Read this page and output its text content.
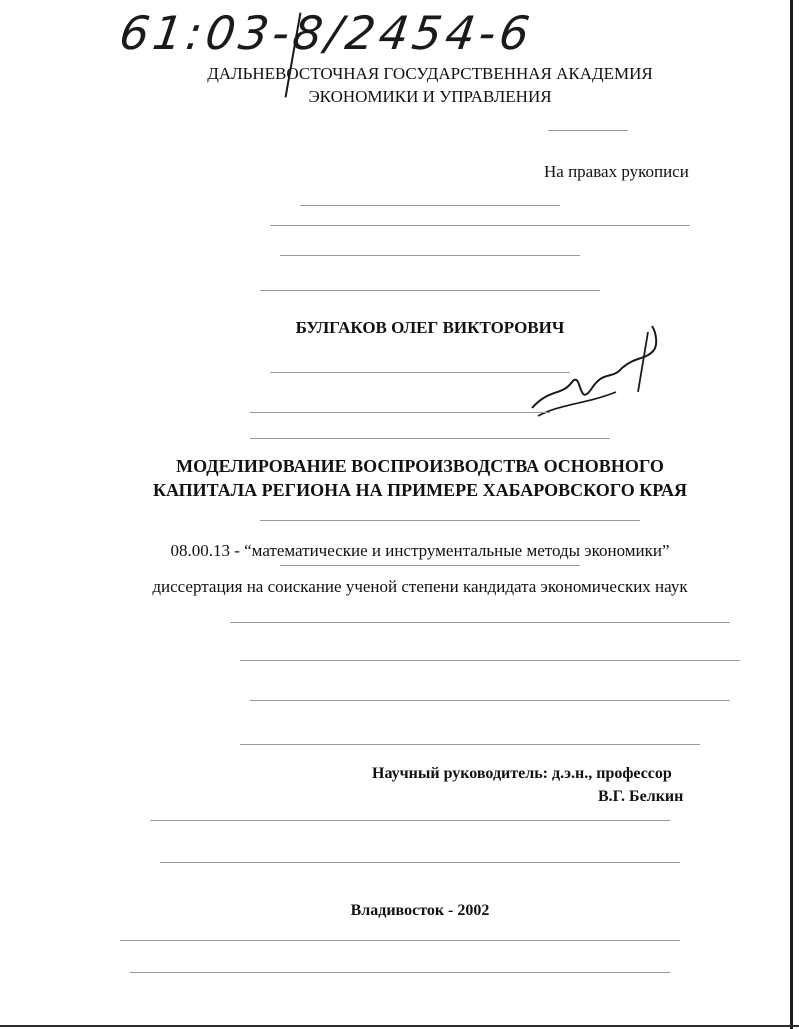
61:03-8/2454-6
ДАЛЬНЕВОСТОЧНАЯ ГОСУДАРСТВЕННАЯ АКАДЕМИЯ
ЭКОНОМИКИ И УПРАВЛЕНИЯ
На правах рукописи
БУЛГАКОВ ОЛЕГ ВИКТОРОВИЧ
МОДЕЛИРОВАНИЕ ВОСПРОИЗВОДСТВА ОСНОВНОГО
КАПИТАЛА РЕГИОНА НА ПРИМЕРЕ ХАБАРОВСКОГО КРАЯ
08.00.13 - “математические и инструментальные методы экономики”
диссертация на соискание ученой степени кандидата экономических наук
Научный руководитель: д.э.н., профессор
В.Г. Белкин
Владивосток - 2002
